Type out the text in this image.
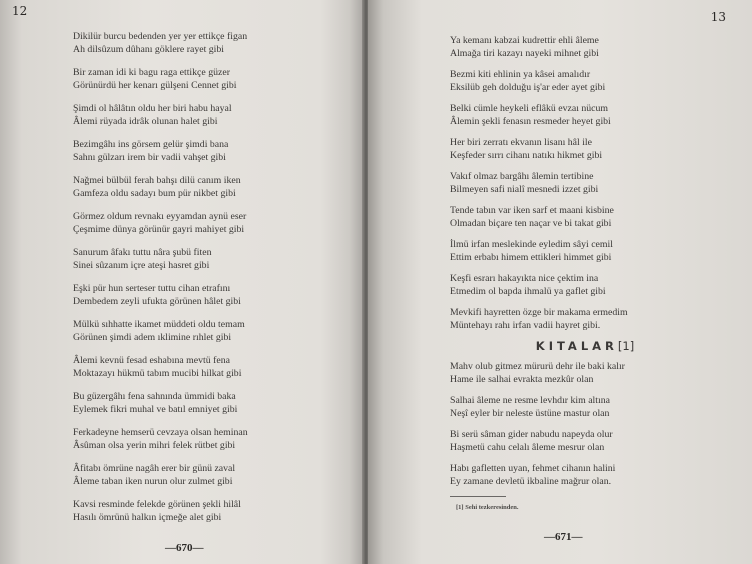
12
Dikilür burcu bedenden yer yer ettikçe figan
Ah dilsûzum dûhanı göklere rayet gibi
Bir zaman idi ki bagu raga ettikçe güzer
Görünürdü her kenarı gülşeni Cennet gibi
Şimdi ol hâlâtın oldu her biri habu hayal
Âlemi rüyada idrâk olunan halet gibi
Bezimgâhı ins görsem gelür şimdi bana
Sahnı gülzarı irem bir vadii vahşet gibi
Nağmei bülbül ferah bahşı dilü canım iken
Gamfeza oldu sadayı bum pür nikbet gibi
Görmez oldum revnakı eyyamdan aynü eser
Çeşmime dünya görünür gayri mahiyet gibi
Sanurum âfakı tuttu nâra şubü fiten
Sinei sûzanım içre ateşi hasret gibi
Eşki pür hun serteser tuttu cihan etrafını
Dembedem zeyli ufukta görünen hâlet gibi
Mülkü sıhhatte ikamet müddeti oldu temam
Görünen şimdi adem ıklimine rıhlet gibi
Âlemi kevnü fesad eshabına mevtü fena
Moktazayı hükmü tabım mucibi hilkat gibi
Bu güzergâhı fena sahnında ümmidi baka
Eylemek fikri muhal ve batıl emniyet gibi
Ferkadeyne hemserü cevzaya olsan heminan
Âsûman olsa yerin mihri felek rütbet gibi
Âfitabı ömrüne nagâh erer bir günü zaval
Âleme taban iken nurun olur zulmet gibi
Kavsi resminde felekde görünen şekli hilâl
Hasılı ömrünü halkın içmeğe alet gibi
—670—
13
Ya kemanı kabzai kudrettir ehli âleme
Almağa tiri kazayı nayeki mihnet gibi
Bezmi kiti ehlinin ya kâsei amalıdır
Eksilüb geh dolduğu iş'ar eder ayet gibi
Belki cümle heykeli eflâkü evzaı nücum
Âlemin şekli fenasın resmeder heyet gibi
Her biri zerratı ekvanın lisanı hâl ile
Keşfeder sırrı cihanı natıkı hikmet gibi
Vakıf olmaz bargâhı âlemin tertibine
Bilmeyen safi nialî mesnedi izzet gibi
Tende tabın var iken sarf et maani kisbine
Olmadan biçare ten naçar ve bi takat gibi
İlmü irfan meslekinde eyledim sâyi cemil
Ettim erbabı himem ettikleri himmet gibi
Keşfi esrarı hakayıkta nice çektim ina
Etmedim ol bapda ihmalü ya gaflet gibi
Mevkifi hayretten özge bir makama ermedim
Müntehayı rahı irfan vadii hayret gibi.
KITALAR[1]
Mahv olub gitmez mürurü dehr ile baki kalır
Hame ile salhai evrakta mezkûr olan
Salhai âleme ne resme levhdır kim altına
Neşî eyler bir neleste üstüne mastur olan
Bi serü sâman gider nabudu napeyda olur
Haşmetü cahu celalı âleme mesrur olan
Habı gafletten uyan, fehmet cihanın halini
Ey zamane devletü ikbaline mağrur olan.
[1] Sehi tezkeresinden.
—671—
